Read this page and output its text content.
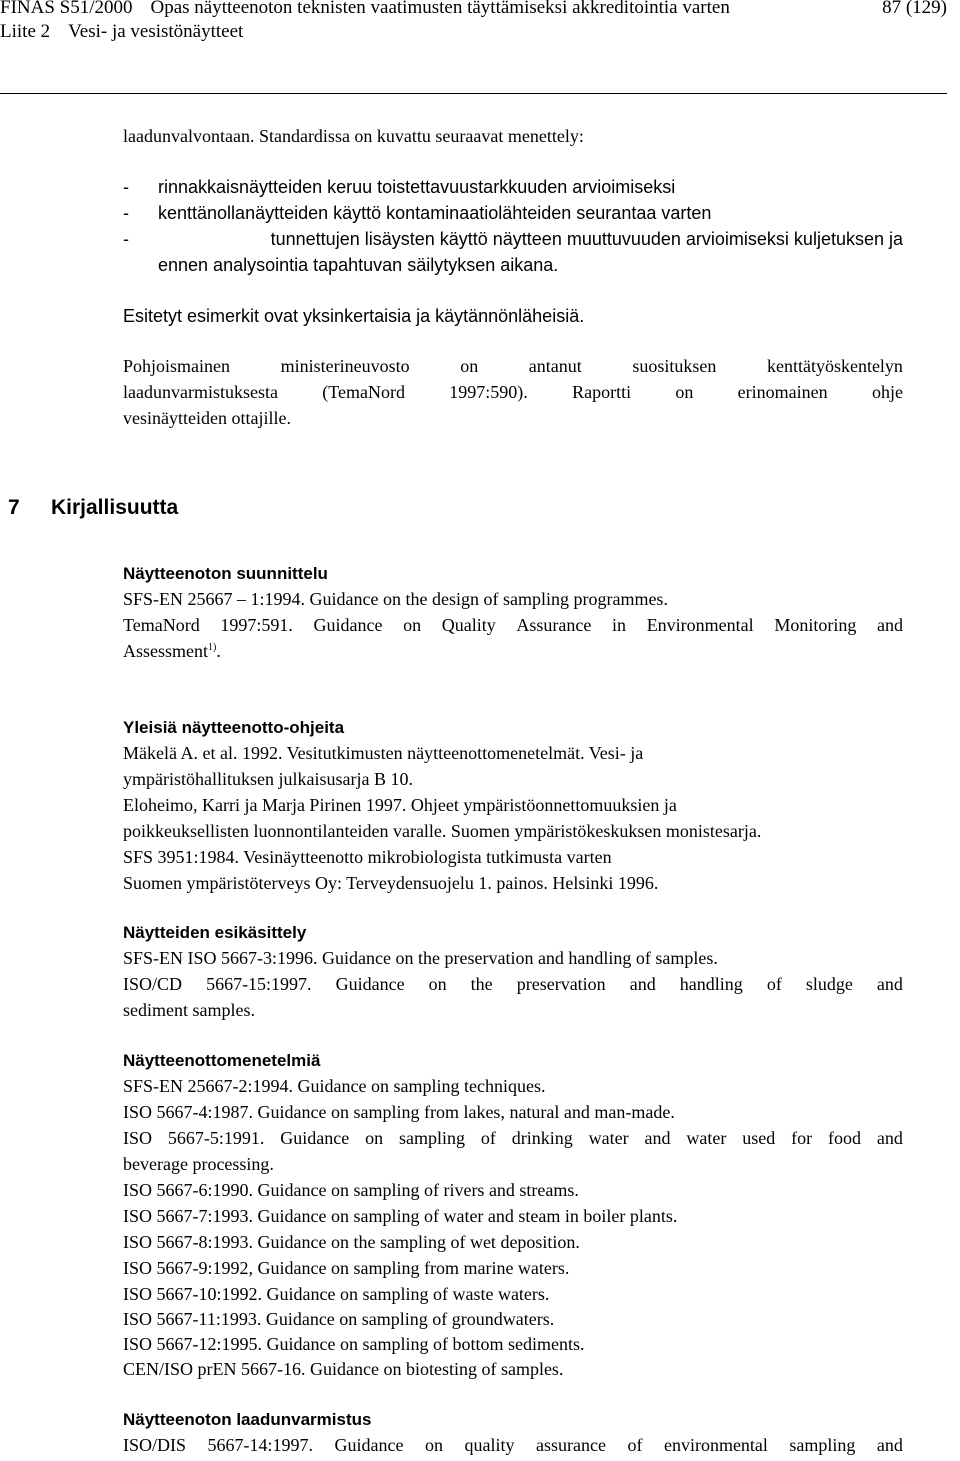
FINAS S51/2000 Opas näytteenoton teknisten vaatimusten täyttämiseksi akkreditointia varten	87 (129)
Liite 2 Vesi- ja vesistönäytteet
laadunvalvontaan. Standardissa on kuvattu seuraavat menettely:
- rinnakkaisnäytteiden keruu toistettavuustarkkuuden arvioimiseksi
- kenttänollanäytteiden käyttö kontaminaatiolähteiden seurantaa varten
-	tunnettujen lisäysten käyttö näytteen muuttuvuuden arvioimiseksi kuljetuksen ja
ennen analysointia tapahtuvan säilytyksen aikana.
Esitetyt esimerkit ovat yksinkertaisia ja käytännönläheisiä.
Pohjoismainen	ministerineuvosto	on	antanut	suosituksen	kenttätyöskentelyn
laadunvarmistuksesta (TemaNord 1997:590). Raportti on erinomainen ohje
vesinäytteiden ottajille.
7 Kirjallisuutta
Näytteenoton suunnittelu
SFS-EN 25667 – 1:1994. Guidance on the design of sampling programmes.
TemaNord 1997:591. Guidance on Quality Assurance in Environmental Monitoring and
Assessment$^{1)}$.
Yleisiä näytteenotto-ohjeita
Mäkelä A. et al. 1992. Vesitutkimusten näytteenottomenetelmät. Vesi- ja
ympäristöhallituksen julkaisusarja B 10.
Eloheimo, Karri ja Marja Pirinen 1997. Ohjeet ympäristöonnettomuuksien ja
poikkeuksellisten luonnontilanteiden varalle. Suomen ympäristökeskuksen monistesarja.
SFS 3951:1984. Vesinäytteenotto mikrobiologista tutkimusta varten
Suomen ympäristöterveys Oy: Terveydensuojelu 1. painos. Helsinki 1996.
Näytteiden esikäsittely
SFS-EN ISO 5667-3:1996. Guidance on the preservation and handling of samples.
ISO/CD 5667-15:1997. Guidance on the preservation and handling of sludge and
sediment samples.
Näytteenottomenetelmiä
SFS-EN 25667-2:1994. Guidance on sampling techniques.
ISO 5667-4:1987. Guidance on sampling from lakes, natural and man-made.
ISO 5667-5:1991. Guidance on sampling of drinking water and water used for food and
beverage processing.
ISO 5667-6:1990. Guidance on sampling of rivers and streams.
ISO 5667-7:1993. Guidance on sampling of water and steam in boiler plants.
ISO 5667-8:1993. Guidance on the sampling of wet deposition.
ISO 5667-9:1992, Guidance on sampling from marine waters.
ISO 5667-10:1992. Guidance on sampling of waste waters.
ISO 5667-11:1993. Guidance on sampling of groundwaters.
ISO 5667-12:1995. Guidance on sampling of bottom sediments.
CEN/ISO prEN 5667-16. Guidance on biotesting of samples.
Näytteenoton laadunvarmistus
ISO/DIS 5667-14:1997. Guidance on quality assurance of environmental sampling and
